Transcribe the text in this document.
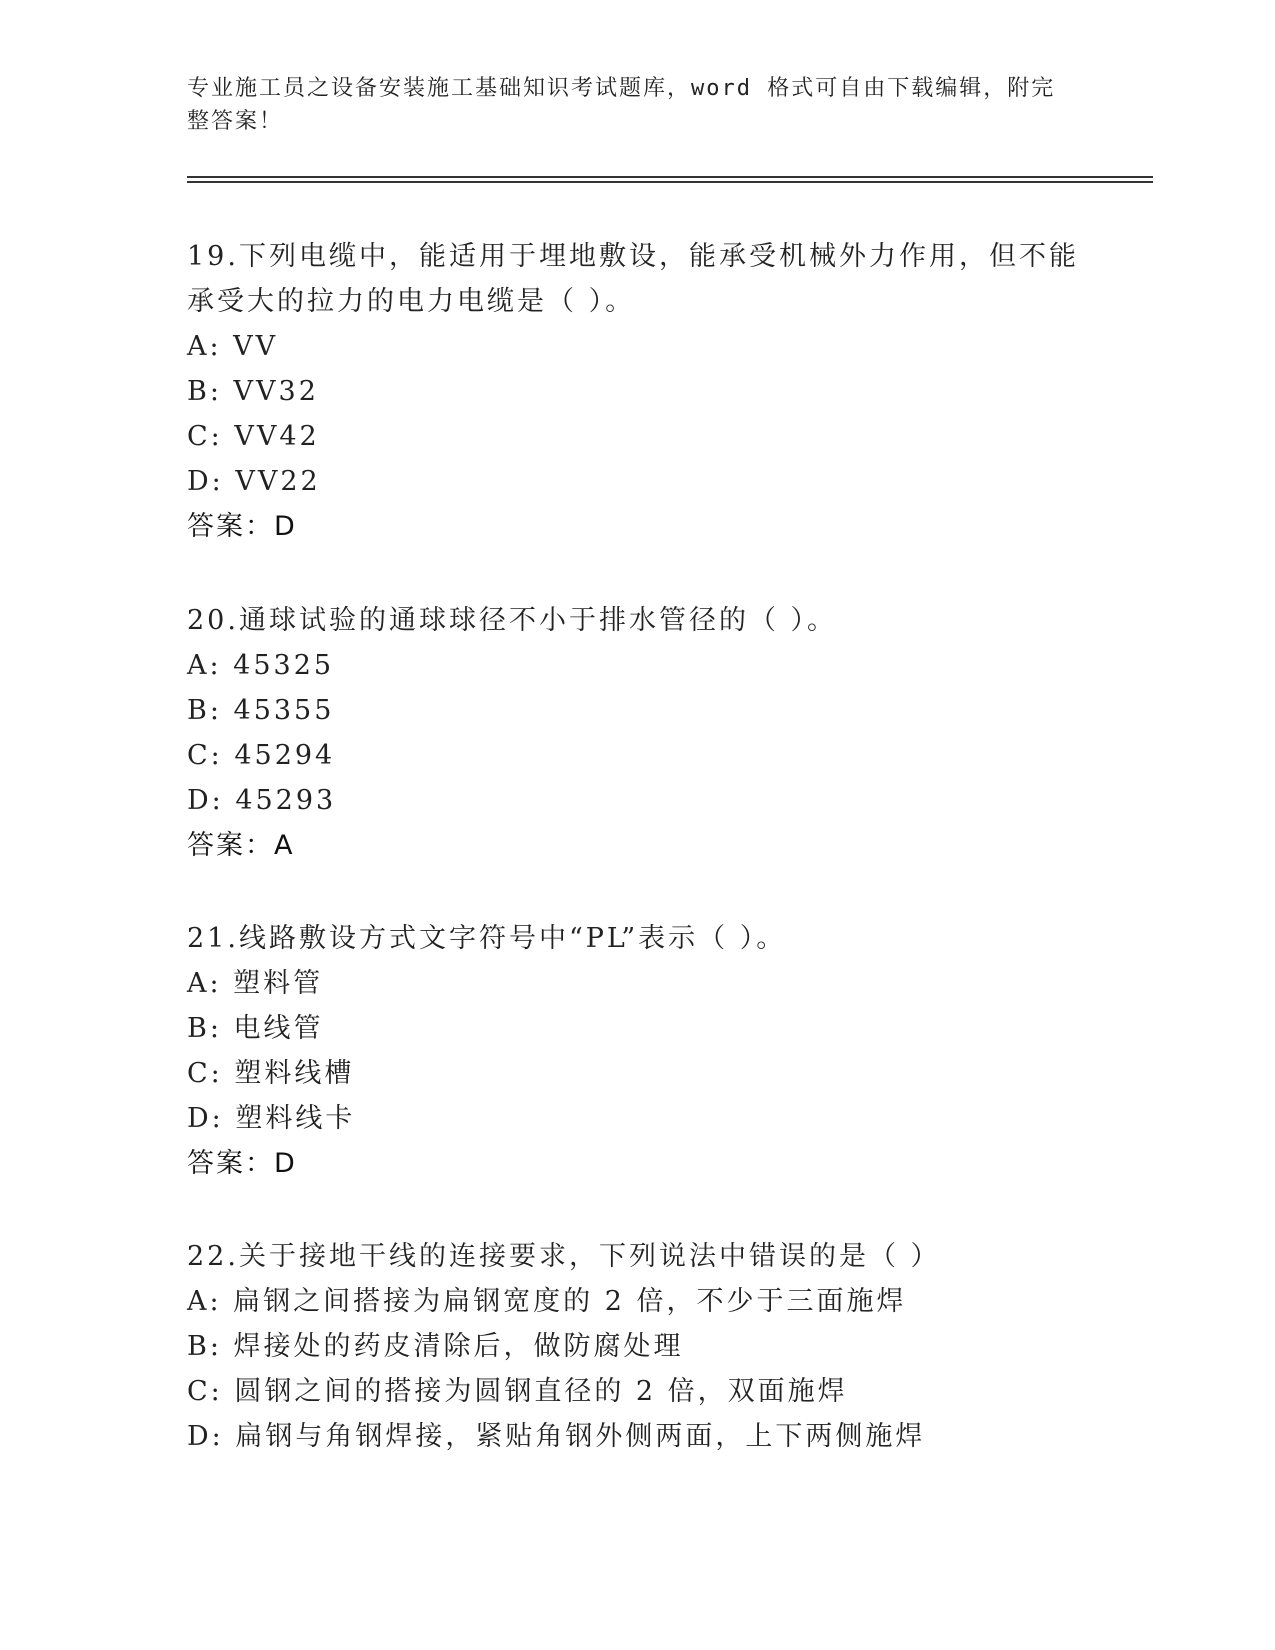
专业施工员之设备安装施工基础知识考试题库，word 格式可自由下载编辑，附完整答案！

19.下列电缆中，能适用于埋地敷设，能承受机械外力作用，但不能承受大的拉力的电力电缆是（ ）。

A: VV

B: VV32

C: VV42

D: VV22

答案：D

20.通球试验的通球球径不小于排水管径的（ ）。

A: 45325

B: 45355

C: 45294

D: 45293

答案：A

21.线路敷设方式文字符号中“PL”表示（ ）。

A: 塑料管

B: 电线管

C: 塑料线槽

D: 塑料线卡

答案：D

22.关于接地干线的连接要求，下列说法中错误的是（ ）

A: 扁钢之间搭接为扁钢宽度的 2 倍，不少于三面施焊

B: 焊接处的药皮清除后，做防腐处理

C: 圆钢之间的搭接为圆钢直径的 2 倍，双面施焊

D: 扁钢与角钢焊接，紧贴角钢外侧两面，上下两侧施焊
